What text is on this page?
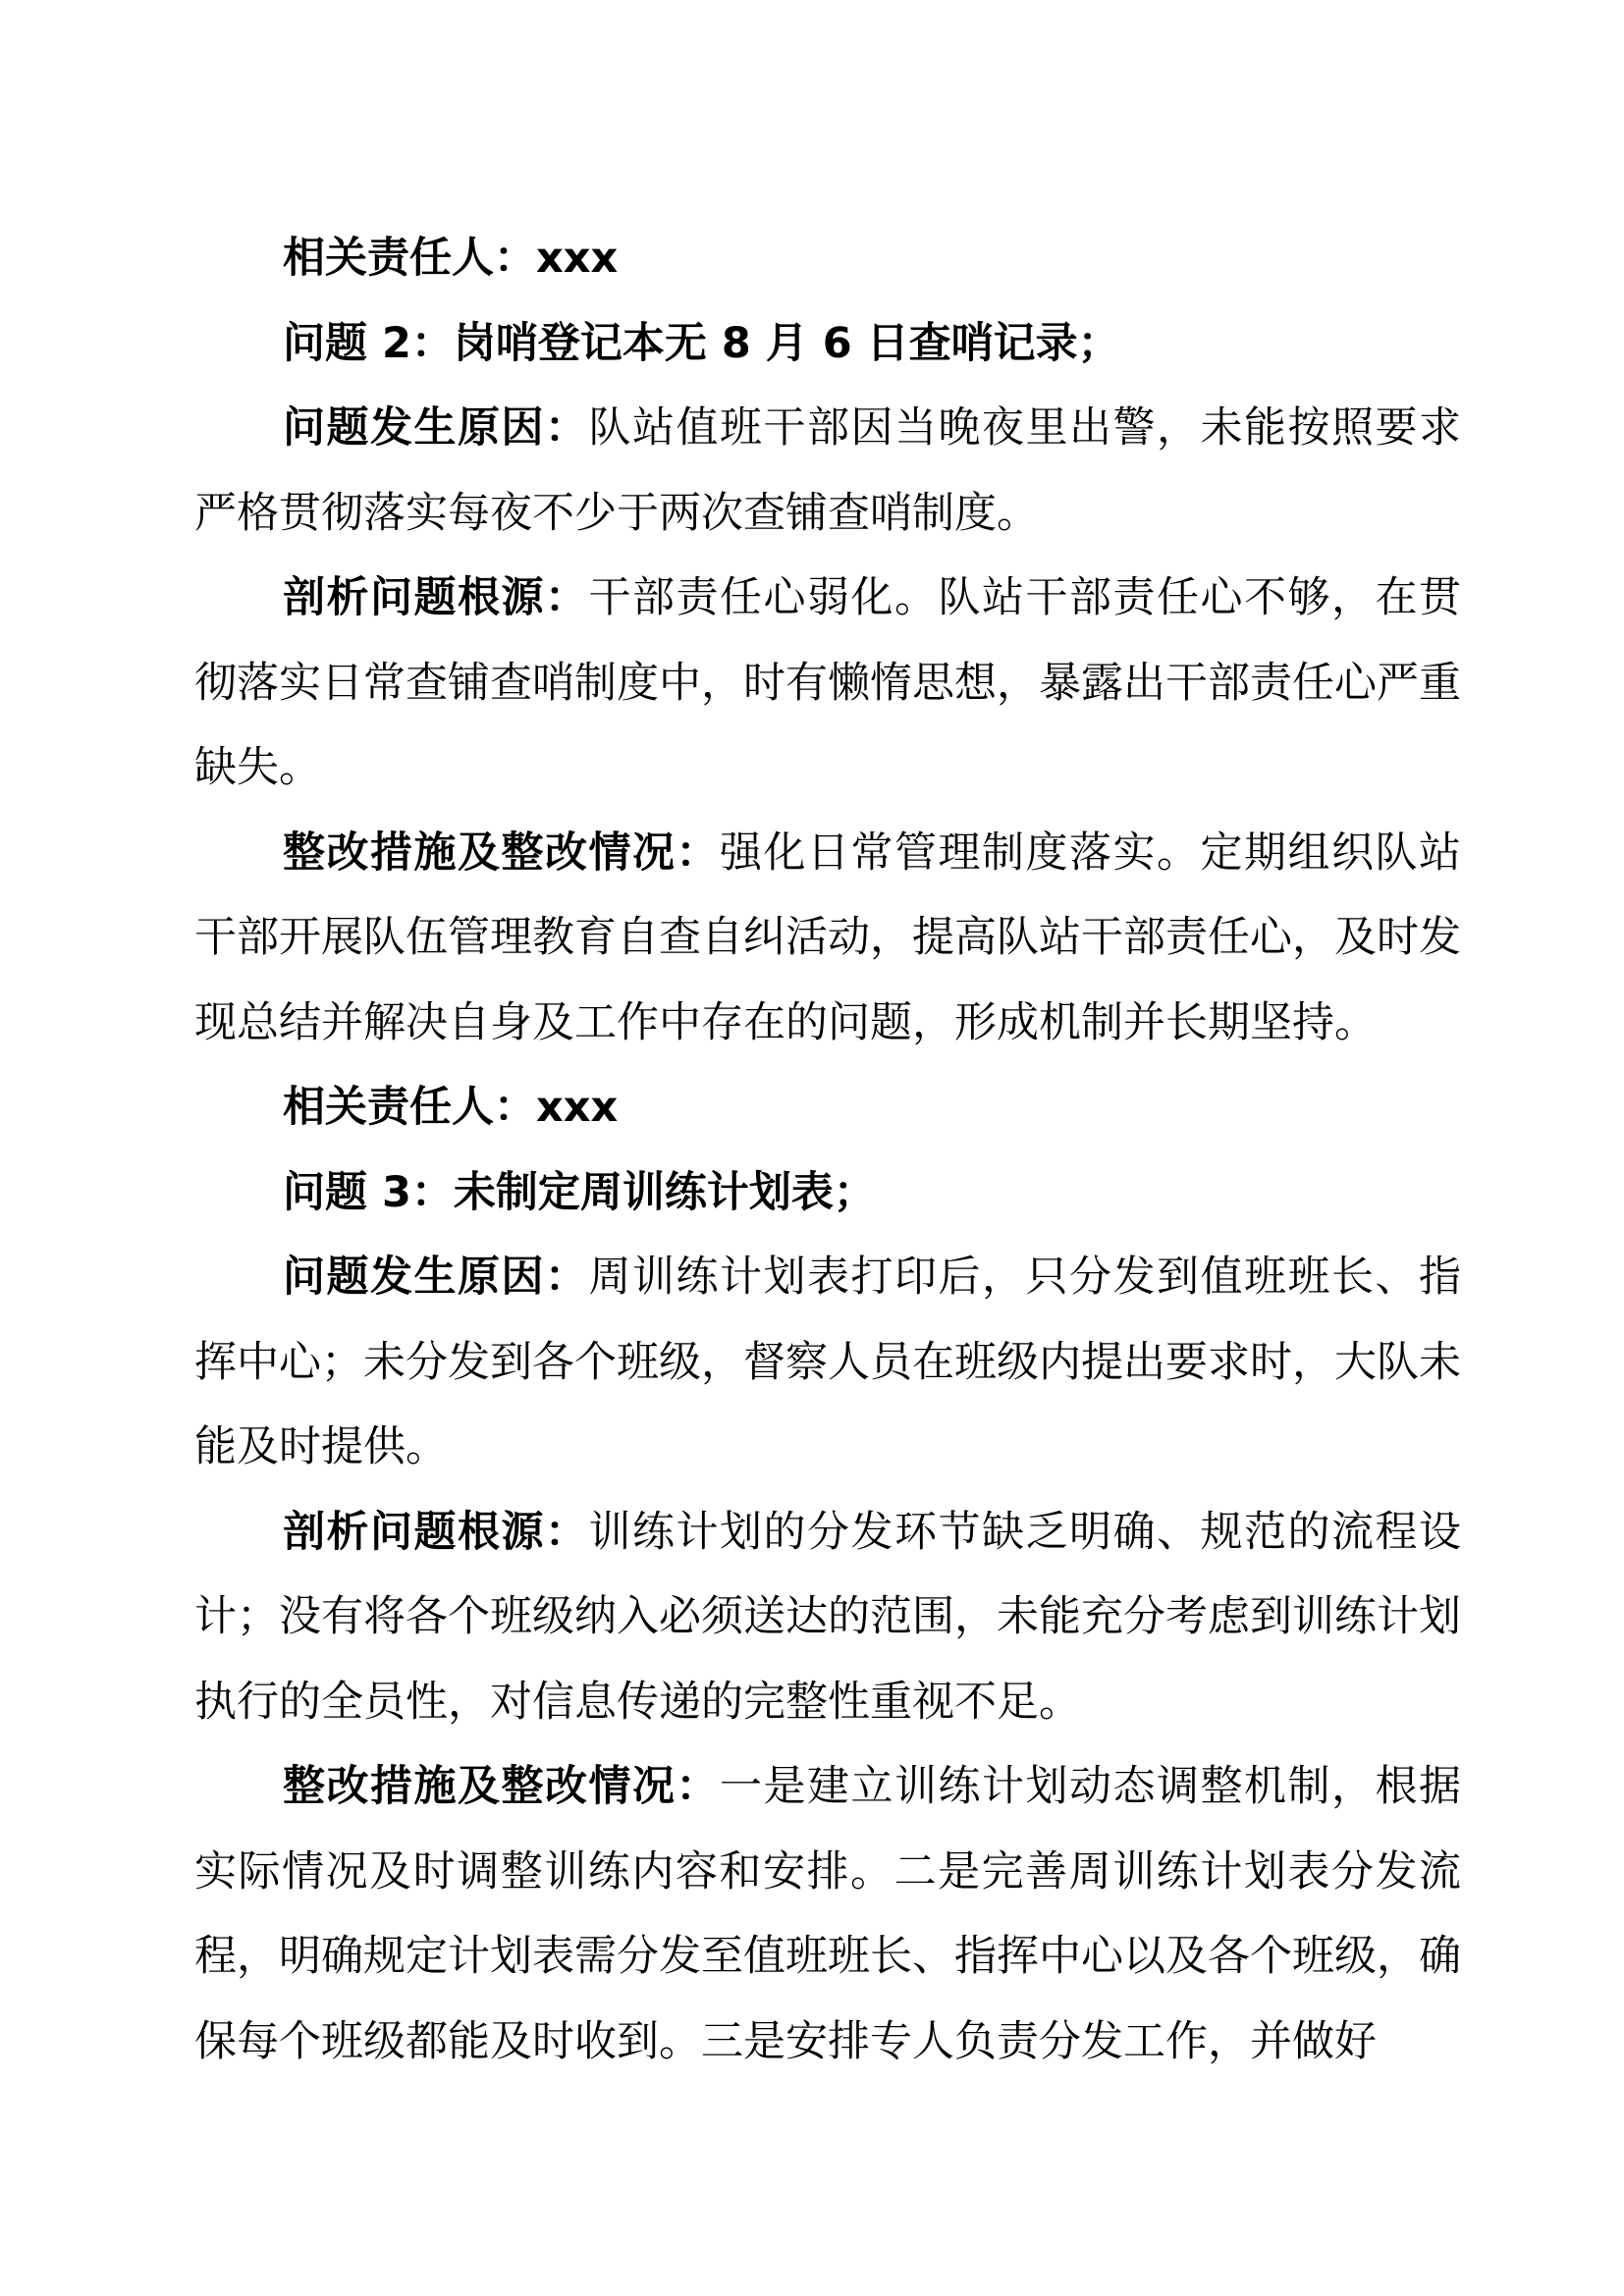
相关责任人：xxx

问题 2：岗哨登记本无 8 月 6 日查哨记录；

问题发生原因：队站值班干部因当晚夜里出警，未能按照要求严格贯彻落实每夜不少于两次查铺查哨制度。

剖析问题根源：干部责任心弱化。队站干部责任心不够，在贯彻落实日常查铺查哨制度中，时有懒惰思想，暴露出干部责任心严重缺失。

整改措施及整改情况：强化日常管理制度落实。定期组织队站干部开展队伍管理教育自查自纠活动，提高队站干部责任心，及时发现总结并解决自身及工作中存在的问题，形成机制并长期坚持。

相关责任人：xxx

问题 3：未制定周训练计划表；

问题发生原因：周训练计划表打印后，只分发到值班班长、指挥中心；未分发到各个班级，督察人员在班级内提出要求时，大队未能及时提供。

剖析问题根源：训练计划的分发环节缺乏明确、规范的流程设计；没有将各个班级纳入必须送达的范围，未能充分考虑到训练计划执行的全员性，对信息传递的完整性重视不足。

整改措施及整改情况：一是建立训练计划动态调整机制，根据实际情况及时调整训练内容和安排。二是完善周训练计划表分发流程，明确规定计划表需分发至值班班长、指挥中心以及各个班级，确保每个班级都能及时收到。三是安排专人负责分发工作，并做好
